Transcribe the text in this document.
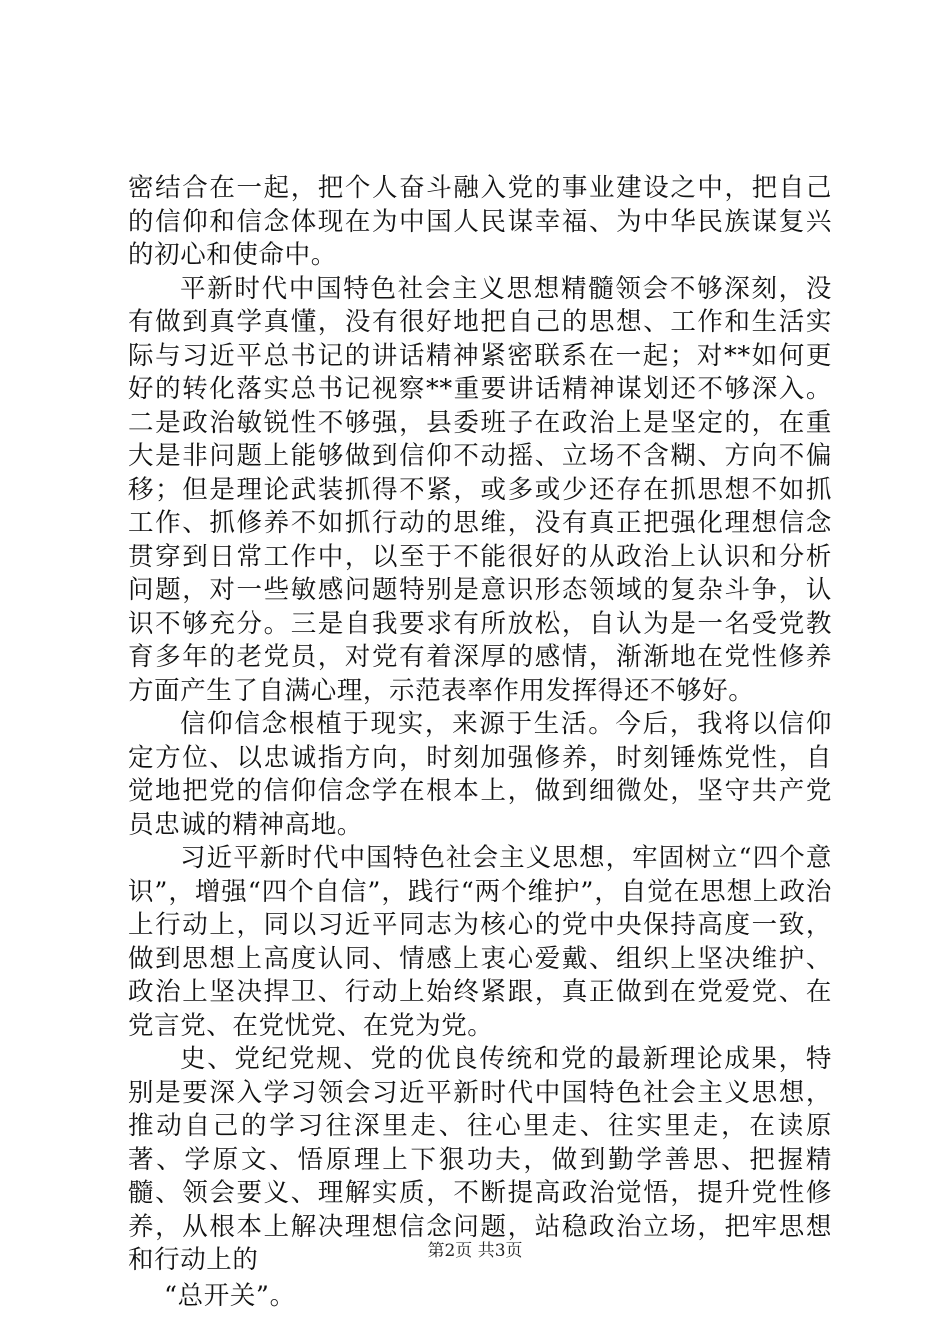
密结合在一起，把个人奋斗融入党的事业建设之中，把自己的信仰和信念体现在为中国人民谋幸福、为中华民族谋复兴的初心和使命中。

平新时代中国特色社会主义思想精髓领会不够深刻，没有做到真学真懂，没有很好地把自己的思想、工作和生活实际与习近平总书记的讲话精神紧密联系在一起；对**如何更好的转化落实总书记视察**重要讲话精神谋划还不够深入。二是政治敏锐性不够强，县委班子在政治上是坚定的，在重大是非问题上能够做到信仰不动摇、立场不含糊、方向不偏移；但是理论武装抓得不紧，或多或少还存在抓思想不如抓工作、抓修养不如抓行动的思维，没有真正把强化理想信念贯穿到日常工作中，以至于不能很好的从政治上认识和分析问题，对一些敏感问题特别是意识形态领域的复杂斗争，认识不够充分。三是自我要求有所放松，自认为是一名受党教育多年的老党员，对党有着深厚的感情，渐渐地在党性修养方面产生了自满心理，示范表率作用发挥得还不够好。

信仰信念根植于现实，来源于生活。今后，我将以信仰定方位、以忠诚指方向，时刻加强修养，时刻锤炼党性，自觉地把党的信仰信念学在根本上，做到细微处，坚守共产党员忠诚的精神高地。

习近平新时代中国特色社会主义思想，牢固树立“四个意识”，增强“四个自信”，践行“两个维护”，自觉在思想上政治上行动上，同以习近平同志为核心的党中央保持高度一致，做到思想上高度认同、情感上衷心爱戴、组织上坚决维护、政治上坚决捍卫、行动上始终紧跟，真正做到在党爱党、在党言党、在党忧党、在党为党。

史、党纪党规、党的优良传统和党的最新理论成果，特别是要深入学习领会习近平新时代中国特色社会主义思想，推动自己的学习往深里走、往心里走、往实里走，在读原著、学原文、悟原理上下狠功夫，做到勤学善思、把握精髓、领会要义、理解实质，不断提高政治觉悟，提升党性修养，从根本上解决理想信念问题，站稳政治立场，把牢思想和行动上的

“总开关”。

第2页 共3页
